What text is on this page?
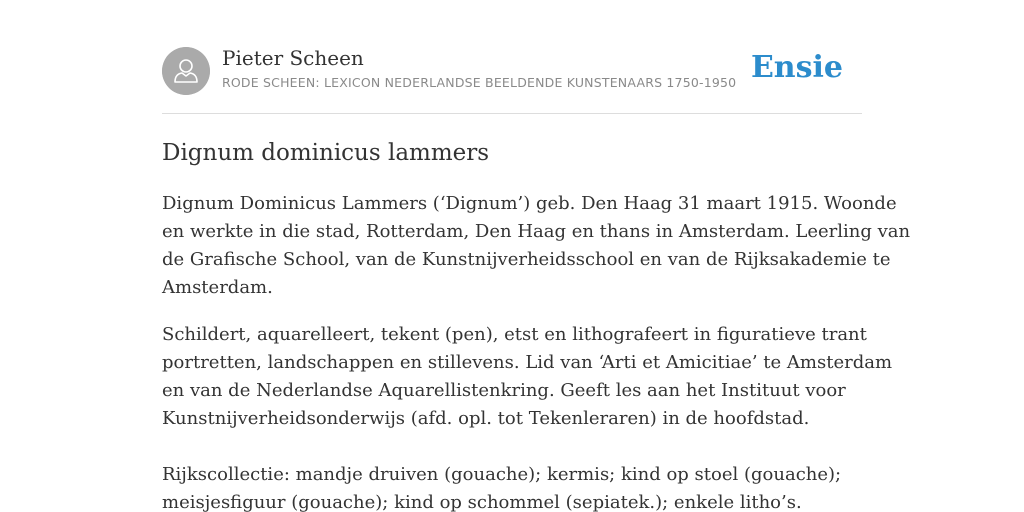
Pieter Scheen
RODE SCHEEN: LEXICON NEDERLANDSE BEELDENDE KUNSTENAARS 1750-1950 Ensie
Dignum dominicus lammers

Dignum Dominicus Lammers (‘Dignum’) geb. Den Haag 31 maart 1915. Woonde
en werkte in die stad, Rotterdam, Den Haag en thans in Amsterdam. Leerling van
de Grafische School, van de Kunstnijverheidsschool en van de Rijksakademie te
Amsterdam.

Schildert, aquarelleert, tekent (pen), etst en lithografeert in figuratieve trant
portretten, landschappen en stillevens. Lid van ‘Arti et Amicitiae’ te Amsterdam
en van de Nederlandse Aquarellistenkring. Geeft les aan het Instituut voor
Kunstnijverheidsonderwijs (afd. opl. tot Tekenleraren) in de hoofdstad.
Rijkscollectie: mandje druiven (gouache); kermis; kind op stoel (gouache);
meisjesfiguur (gouache); kind op schommel (sepiatek.); enkele litho’s.
